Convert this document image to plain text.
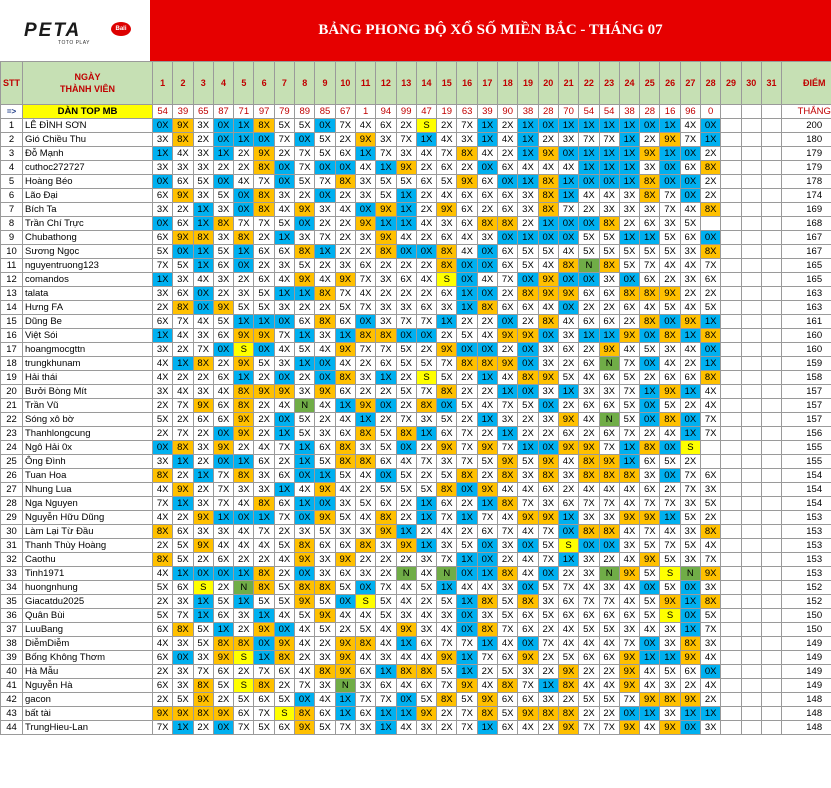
PETA	Bali
TOTO PLAY
BẢNG PHONG ĐỘ XỔ SỐ MIỀN BẮC - THÁNG 07
STT	NGÀY
THÀNH VIÊN	1	2	3	4	5	6	7	8	9	10	11	12	13	14	15	16	17	18	19	20	21	22	23	24	25	26	27	28	29	30	31	ĐIỂM
=>	DÀN TOP MB	54	39	65	87	71	97	79	89	85	67	1	94	99	47	19	63	39	90	38	28	70	54	54	38	28	16	96	0				THẮNG
1	LÊ ĐÌNH SƠN	0X	9X	3X	0X	1X	8X	5X	5X	0X	7X	4X	6X	2X	S	2X	7X	1X	2X	1X	0X	1X	1X	1X	1X	0X	1X	4X	0X				200
2	Gió Chiều Thu	3X	8X	2X	0X	1X	0X	7X	0X	5X	2X	9X	3X	7X	1X	4X	3X	1X	4X	1X	2X	3X	7X	7X	1X	2X	9X	7X	1X				180
3	Đỗ Mạnh	1X	4X	3X	1X	2X	9X	2X	7X	5X	6X	1X	7X	3X	4X	7X	8X	4X	2X	1X	9X	0X	1X	1X	1X	9X	1X	0X	2X				179
4	cuthoc272727	3X	3X	3X	2X	2X	8X	0X	7X	0X	0X	4X	1X	9X	2X	6X	2X	0X	6X	4X	4X	4X	1X	1X	1X	3X	0X	6X	8X				179
5	Hoàng Béo	0X	6X	5X	0X	4X	7X	0X	5X	7X	8X	3X	5X	5X	6X	5X	9X	6X	0X	1X	8X	1X	0X	0X	1X	8X	0X	0X	2X				178
6	Lão Đại	6X	9X	3X	5X	0X	8X	3X	2X	0X	2X	3X	5X	1X	2X	4X	6X	6X	6X	3X	8X	1X	4X	4X	3X	8X	7X	0X	2X				174
7	Bích Ta	3X	2X	1X	3X	0X	8X	4X	9X	3X	4X	0X	9X	1X	2X	9X	6X	2X	6X	3X	8X	7X	2X	3X	3X	3X	7X	4X	8X				169
8	Trần Chí Trực	0X	6X	1X	8X	7X	7X	5X	0X	2X	2X	9X	1X	1X	4X	3X	6X	8X	8X	2X	1X	0X	0X	8X	2X	6X	3X	5X					168
9	Chubathong	6X	9X	8X	3X	8X	2X	1X	3X	7X	2X	3X	9X	4X	2X	6X	4X	3X	0X	1X	0X	0X	5X	5X	1X	1X	5X	6X	0X				167
10	Sương Ngọc	5X	0X	1X	5X	1X	6X	6X	8X	1X	2X	2X	8X	0X	0X	8X	4X	0X	6X	5X	5X	4X	5X	5X	5X	5X	5X	3X	8X				167
11	nguyentruong123	7X	5X	1X	6X	0X	2X	3X	5X	2X	3X	6X	2X	2X	2X	8X	0X	0X	6X	5X	4X	8X	N	8X	5X	7X	4X	4X	7X				165
12	comandos	1X	3X	4X	3X	2X	6X	4X	9X	4X	9X	7X	3X	6X	4X	S	0X	4X	7X	0X	9X	0X	0X	3X	0X	6X	2X	3X	6X				165
13	talata	3X	6X	0X	2X	3X	5X	1X	1X	8X	7X	4X	2X	2X	2X	6X	1X	0X	2X	8X	9X	9X	6X	6X	8X	8X	9X	2X	2X				163
14	Hưng FA	2X	8X	0X	9X	5X	5X	3X	2X	2X	5X	7X	3X	3X	6X	3X	1X	8X	6X	6X	4X	0X	2X	2X	6X	4X	5X	4X	5X				163
15	Dũng Be	6X	7X	4X	5X	1X	1X	0X	6X	8X	6X	0X	3X	7X	7X	1X	2X	2X	0X	2X	8X	4X	6X	6X	2X	8X	0X	9X	1X				161
16	Việt Sói	1X	4X	3X	6X	9X	9X	7X	1X	3X	1X	8X	8X	0X	0X	2X	5X	4X	9X	9X	0X	3X	1X	1X	9X	0X	8X	1X	8X				160
17	hoangmocgttn	3X	2X	7X	0X	S	0X	4X	5X	4X	9X	7X	7X	5X	2X	9X	0X	0X	2X	0X	3X	6X	2X	9X	4X	5X	3X	4X	0X				160
18	trungkhunam	4X	1X	8X	2X	9X	5X	3X	1X	0X	4X	2X	6X	5X	5X	7X	8X	8X	9X	0X	3X	2X	6X	N	7X	0X	4X	2X	1X				159
19	Hải thái	4X	2X	2X	6X	1X	2X	0X	2X	0X	8X	3X	1X	2X	S	5X	2X	1X	4X	8X	9X	5X	4X	6X	5X	2X	6X	6X	8X				158
20	Bưởi Bòng Mít	3X	4X	3X	4X	8X	9X	9X	3X	9X	6X	2X	2X	5X	7X	8X	2X	2X	1X	0X	3X	1X	3X	3X	7X	1X	9X	1X	4X				157
21	Trần Vũ	2X	7X	9X	6X	8X	2X	4X	N	4X	1X	9X	0X	2X	8X	0X	5X	4X	7X	5X	0X	2X	6X	6X	5X	0X	5X	2X	4X				157
22	Sóng xô bờ	5X	2X	6X	6X	9X	2X	0X	5X	2X	4X	1X	2X	7X	3X	5X	2X	1X	3X	2X	3X	9X	4X	N	5X	0X	8X	0X	7X				157
23	Thanhlongcung	2X	7X	2X	0X	9X	2X	1X	5X	3X	6X	8X	5X	8X	1X	6X	7X	2X	1X	2X	2X	6X	2X	6X	7X	2X	4X	1X	7X				156
24	Ngô Hải 0x	0X	8X	3X	9X	2X	4X	7X	1X	6X	8X	3X	5X	0X	2X	9X	7X	9X	7X	1X	0X	9X	9X	7X	1X	8X	0X	S					155
25	Ông Đình	3X	1X	2X	0X	1X	6X	2X	1X	5X	8X	8X	6X	4X	7X	3X	7X	5X	9X	5X	9X	4X	8X	9X	1X	6X	5X	2X					155
26	Tuan Hoa	8X	2X	1X	7X	8X	3X	6X	0X	1X	5X	4X	0X	5X	2X	5X	8X	2X	8X	3X	8X	3X	8X	8X	8X	3X	0X	7X	6X				154
27	Nhung Lua	4X	9X	2X	7X	3X	3X	1X	4X	9X	4X	2X	5X	5X	5X	8X	0X	9X	4X	4X	6X	2X	4X	4X	4X	6X	2X	7X	3X				154
28	Nga Nguyen	7X	1X	3X	7X	4X	8X	6X	1X	0X	3X	5X	6X	2X	1X	6X	2X	1X	8X	7X	3X	6X	7X	7X	4X	7X	7X	3X	5X				154
29	Nguyễn Hữu Dũng	4X	2X	9X	1X	0X	1X	7X	0X	9X	5X	4X	8X	2X	1X	7X	1X	7X	4X	9X	9X	1X	3X	3X	9X	9X	1X	5X	2X				153
30	Làm Lại Từ Đầu	8X	6X	3X	3X	4X	7X	2X	3X	5X	3X	3X	9X	1X	2X	4X	2X	6X	7X	4X	7X	0X	8X	8X	4X	7X	4X	3X	8X				153
31	Thanh Thùy Hoàng	2X	5X	9X	4X	4X	4X	5X	8X	6X	6X	8X	3X	9X	1X	3X	5X	0X	3X	0X	5X	S	0X	0X	3X	5X	7X	5X	4X				153
32	Caothu	8X	5X	2X	6X	2X	2X	4X	9X	3X	9X	2X	2X	2X	3X	7X	1X	0X	2X	4X	7X	1X	3X	2X	4X	9X	5X	3X	7X				153
33	Tinh1971	4X	1X	0X	0X	1X	8X	2X	0X	3X	6X	3X	2X	N	4X	N	0X	1X	8X	4X	0X	2X	3X	N	9X	5X	S	N	9X				153
34	huongnhung	5X	6X	S	2X	N	8X	5X	8X	8X	5X	0X	7X	4X	5X	1X	4X	4X	3X	0X	5X	7X	4X	3X	4X	0X	5X	0X	3X				152
35	Giacatdu2025	2X	3X	1X	5X	1X	5X	5X	9X	5X	0X	S	5X	4X	2X	5X	1X	8X	5X	8X	3X	6X	7X	7X	4X	5X	9X	1X	8X				152
36	Quân Bùi	5X	7X	1X	6X	3X	1X	4X	5X	9X	4X	4X	5X	3X	4X	3X	0X	3X	5X	6X	5X	6X	6X	6X	6X	5X	S	0X	5X				150
37	LuuBang	6X	8X	5X	1X	2X	9X	0X	4X	5X	2X	5X	4X	9X	3X	4X	0X	8X	7X	6X	2X	4X	5X	5X	3X	4X	3X	1X	7X				150
38	DiễmDiễm	4X	3X	5X	8X	8X	0X	9X	4X	2X	9X	8X	4X	1X	6X	7X	7X	1X	4X	0X	7X	4X	4X	4X	7X	0X	3X	8X	3X				149
39	Bống Không Thơm	6X	0X	3X	9X	S	1X	8X	2X	3X	9X	4X	3X	4X	4X	9X	1X	7X	6X	9X	2X	5X	6X	6X	9X	1X	1X	9X	4X				149
40	Hà Mẫu	2X	3X	7X	6X	2X	7X	6X	4X	8X	9X	6X	1X	8X	8X	5X	1X	2X	5X	3X	2X	9X	2X	2X	9X	4X	5X	6X	0X				149
41	Nguyễn Hà	6X	3X	8X	5X	S	8X	2X	7X	3X	N	3X	6X	4X	6X	7X	9X	4X	8X	7X	1X	8X	4X	4X	9X	4X	3X	2X	4X				149
42	gacon	2X	5X	9X	2X	5X	6X	5X	0X	4X	1X	7X	7X	0X	5X	8X	5X	9X	6X	6X	3X	2X	5X	5X	7X	9X	8X	9X	2X				148
43	bất tài	9X	9X	8X	9X	6X	7X	S	8X	6X	1X	6X	1X	1X	9X	2X	7X	8X	5X	9X	8X	8X	2X	2X	0X	1X	3X	1X	1X				148
44	TrungHieu-Lan	7X	1X	2X	0X	7X	5X	6X	9X	5X	7X	3X	1X	4X	3X	2X	7X	1X	6X	4X	2X	9X	7X	7X	9X	4X	9X	0X	3X				148
